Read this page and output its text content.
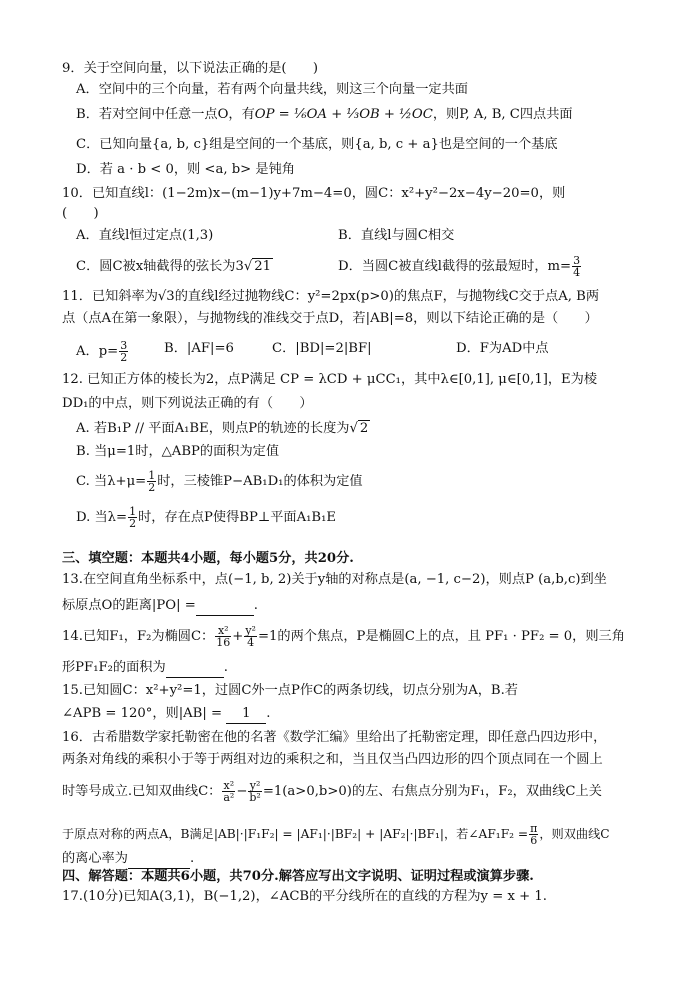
9．关于空间向量，以下说法正确的是(　　)
A．空间中的三个向量，若有两个向量共线，则这三个向量一定共面
B．若对空间中任意一点O，有OP = ⅙OA + ⅓OB + ½OC，则P, A, B, C四点共面
C．已知向量{a, b, c}组是空间的一个基底，则{a, b, c + a}也是空间的一个基底
D．若 a · b < 0，则 <a, b> 是钝角
10．已知直线l：(1−2m)x−(m−1)y+7m−4=0，圆C：x²+y²−2x−4y−20=0，则
(　　)
A．直线l恒过定点(1,3)	B．直线l与圆C相交
C．圆C被x轴截得的弦长为3√ 21	D．当圆C被直线l截得的弦最短时，$m= \frac{3}{4}$
11．已知斜率为√3的直线l经过抛物线C：y²=2px(p>0)的焦点F，与抛物线C交于点A, B两
点（点A在第一象限），与抛物线的准线交于点D，若|AB|=8，则以下结论正确的是（　　）
A．$p= \frac{3}{2}$	B．|AF|=6	C．|BD|=2|BF|	D．F为AD中点
12. 已知正方体的棱长为2，点P满足 CP = λCD + μCC₁，其中λ∈[0,1], μ∈[0,1]，E为棱
DD₁的中点，则下列说法正确的有（　　）
A. 若B₁P // 平面A₁BE，则点P的轨迹的长度为√ 2
B. 当μ=1时，△ABP的面积为定值
C. 当$\lambda+\mu= \frac{1}{2}$ 时，三棱锥P−AB₁D₁的体积为定值
D. 当$\lambda= \frac{1}{2}$ 时，存在点P使得BP⊥平面A₁B₁E
三、填空题：本题共4小题，每小题5分，共20分.
13.在空间直角坐标系中，点(−1, b, 2)关于y轴的对称点是(a, −1, c−2)，则点P (a,b,c)到坐
标原点O的距离|PO| =	.
14.已知F₁，F₂为椭圆C： $\frac{\text{x²}}{16} + \frac{\text{y²}}{4} =1$的两个焦点，P是椭圆C上的点，且 PF₁ · PF₂ = 0，则三角
形PF₁F₂的面积为	.
15.已知圆C：x²+y²=1，过圆C外一点P作C的两条切线，切点分别为A，B.若
∠APB = 120°，则|AB| = 1 .
16．古希腊数学家托勒密在他的名著《数学汇编》里给出了托勒密定理，即任意凸四边形中，
两条对角线的乘积小于等于两组对边的乘积之和，当且仅当凸四边形的四个顶点同在一个圆上
时等号成立.已知双曲线C： $\frac{\text{x²}}{\text{a²}} - \frac{\text{y²}}{\text{b²}} =1(a>0,b>0)$的左、右焦点分别为F₁，F₂，双曲线C上关
于原点对称的两点A，B满足|AB|·|F₁F₂| = |AF₁|·|BF₂| + |AF₂|·|BF₁|，若∠AF₁F₂ = $\frac{\pi}{6}$ ，则双曲线C
的离心率为	.
四、解答题：本题共6小题，共70分.解答应写出文字说明、证明过程或演算步骤.
17.(10分)已知A(3,1)，B(−1,2)，∠ACB的平分线所在的直线的方程为y = x + 1.
